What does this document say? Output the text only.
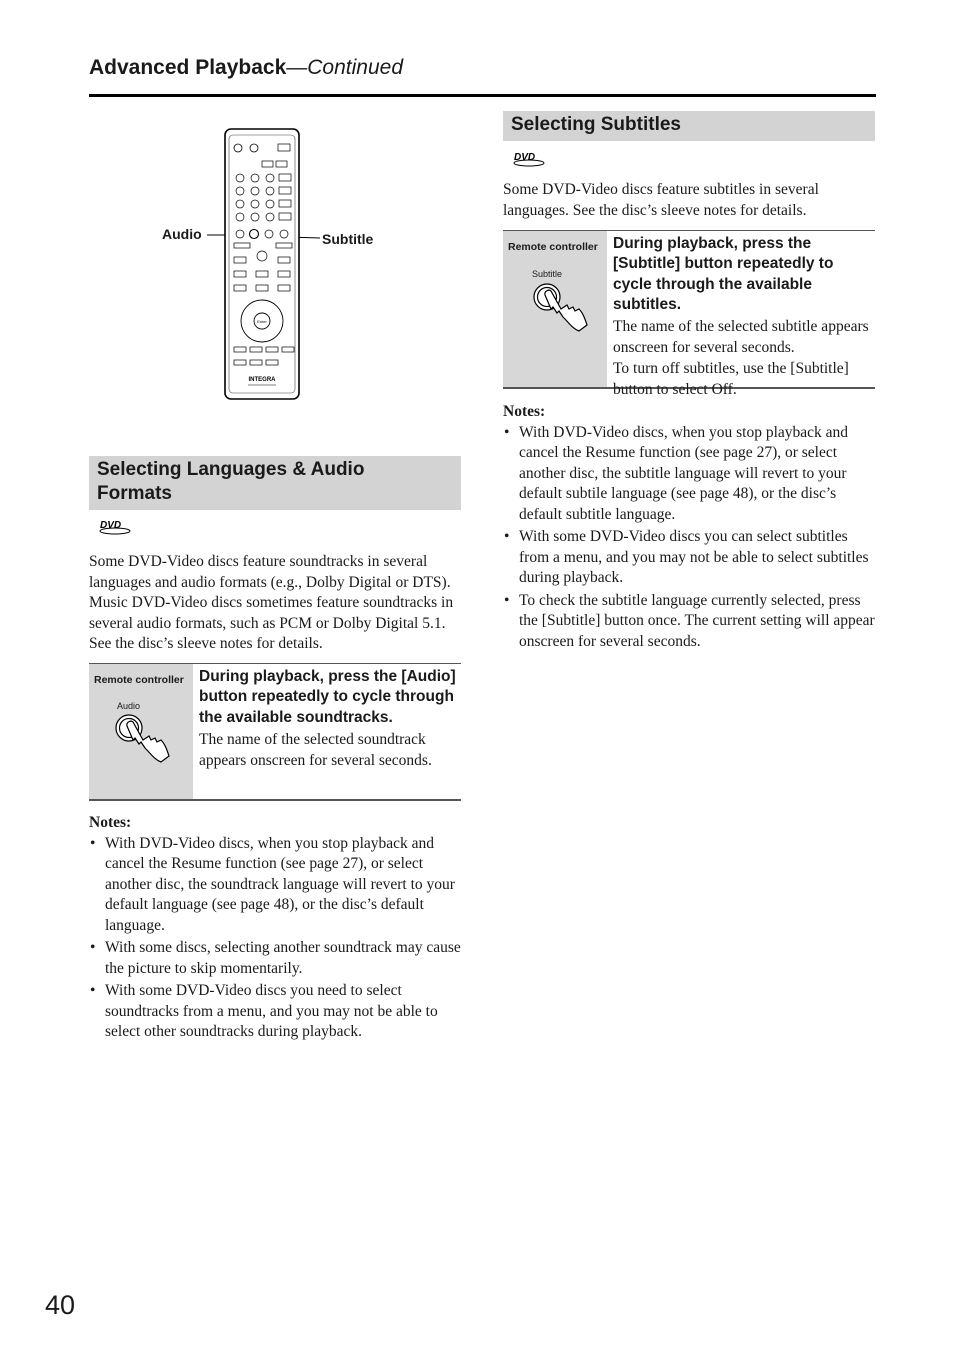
Advanced Playback—Continued
Audio	Subtitle
Enter
INTEGRA
Selecting Languages & Audio
Formats
DVD
Some DVD-Video discs feature soundtracks in several languages and audio formats (e.g., Dolby Digital or DTS). Music DVD-Video discs sometimes feature soundtracks in several audio formats, such as PCM or Dolby Digital 5.1. See the disc’s sleeve notes for details.
Remote controller
Audio
During playback, press the [Audio] button repeatedly to cycle through the available soundtracks.
The name of the selected soundtrack appears onscreen for several seconds.
Notes:
• With DVD-Video discs, when you stop playback and cancel the Resume function (see page 27), or select another disc, the soundtrack language will revert to your default language (see page 48), or the disc’s default language.
• With some discs, selecting another soundtrack may cause the picture to skip momentarily.
• With some DVD-Video discs you need to select soundtracks from a menu, and you may not be able to select other soundtracks during playback.
Selecting Subtitles
DVD
Some DVD-Video discs feature subtitles in several languages. See the disc’s sleeve notes for details.
Remote controller
Subtitle
During playback, press the [Subtitle] button repeatedly to cycle through the available subtitles.
The name of the selected subtitle appears onscreen for several seconds.
To turn off subtitles, use the [Subtitle] button to select Off.
Notes:
• With DVD-Video discs, when you stop playback and cancel the Resume function (see page 27), or select another disc, the subtitle language will revert to your default subtile language (see page 48), or the disc’s default subtitle language.
• With some DVD-Video discs you can select subtitles from a menu, and you may not be able to select subtitles during playback.
• To check the subtitle language currently selected, press the [Subtitle] button once. The current setting will appear onscreen for several seconds.
40
